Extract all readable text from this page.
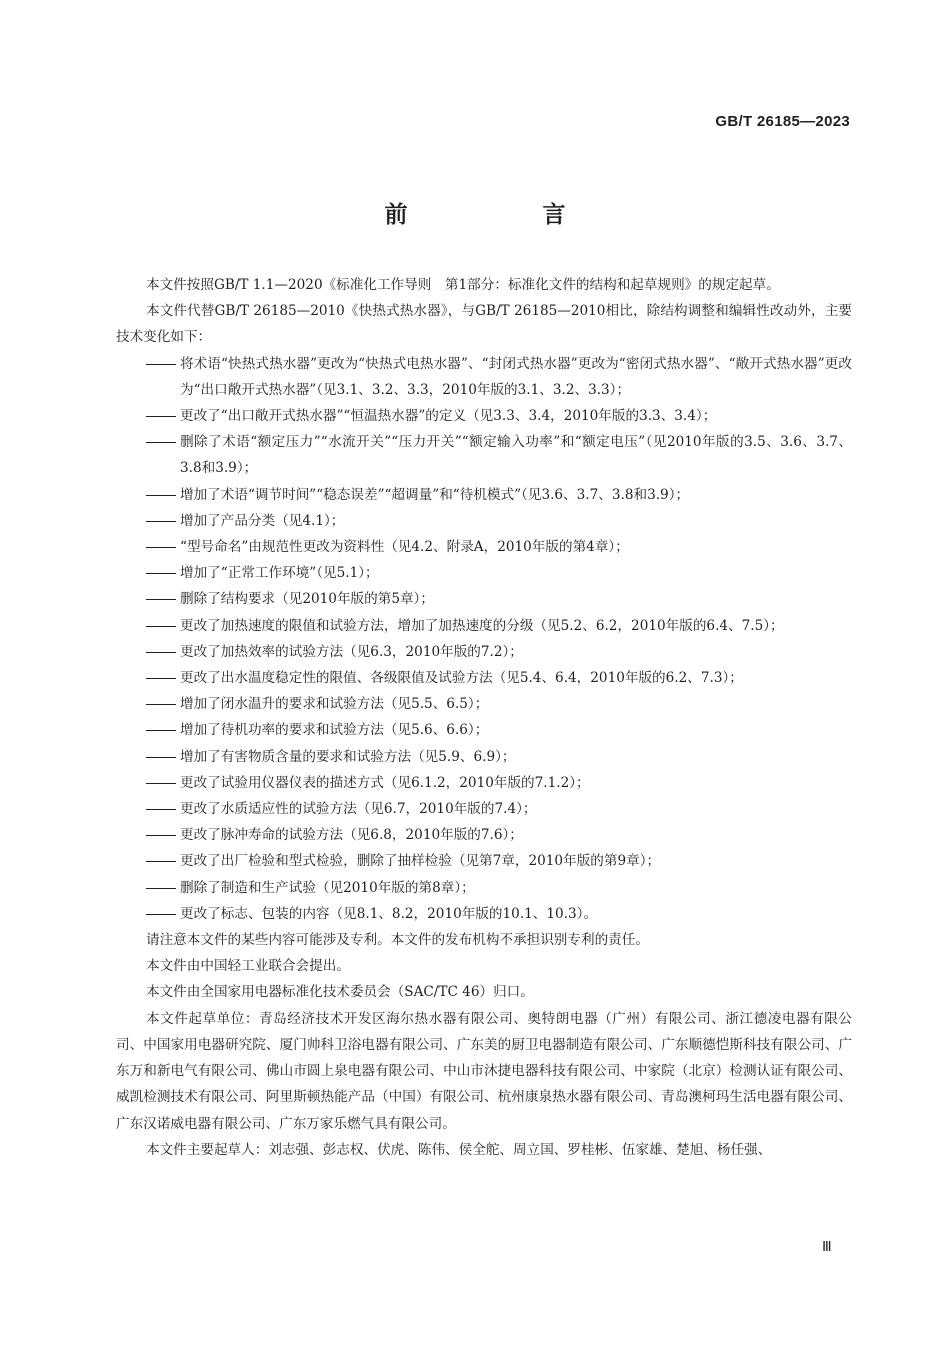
GB/T 26185—2023
前　言

本文件按照GB/T 1.1—2020《标准化工作导则　第1部分：标准化文件的结构和起草规则》的规定起草。

本文件代替GB/T 26185—2010《快热式热水器》，与GB/T 26185—2010相比，除结构调整和编辑性改动外，主要技术变化如下：

将术语“快热式热水器”更改为“快热式电热水器”、“封闭式热水器”更改为“密闭式热水器”、“敞开式热水器”更改为“出口敞开式热水器”（见3.1、3.2、3.3，2010年版的3.1、3.2、3.3）；
更改了“出口敞开式热水器”“恒温热水器”的定义（见3.3、3.4，2010年版的3.3、3.4）；
删除了术语“额定压力”“水流开关”“压力开关”“额定输入功率”和“额定电压”（见2010年版的3.5、3.6、3.7、3.8和3.9）；
增加了术语“调节时间”“稳态误差”“超调量”和“待机模式”（见3.6、3.7、3.8和3.9）；
增加了产品分类（见4.1）；
“型号命名”由规范性更改为资料性（见4.2、附录A，2010年版的第4章）；
增加了“正常工作环境”（见5.1）；
删除了结构要求（见2010年版的第5章）；
更改了加热速度的限值和试验方法，增加了加热速度的分级（见5.2、6.2，2010年版的6.4、7.5）；
更改了加热效率的试验方法（见6.3，2010年版的7.2）；
更改了出水温度稳定性的限值、各级限值及试验方法（见5.4、6.4，2010年版的6.2、7.3）；
增加了闭水温升的要求和试验方法（见5.5、6.5）；
增加了待机功率的要求和试验方法（见5.6、6.6）；
增加了有害物质含量的要求和试验方法（见5.9、6.9）；
更改了试验用仪器仪表的描述方式（见6.1.2，2010年版的7.1.2）；
更改了水质适应性的试验方法（见6.7，2010年版的7.4）；
更改了脉冲寿命的试验方法（见6.8，2010年版的7.6）；
更改了出厂检验和型式检验，删除了抽样检验（见第7章，2010年版的第9章）；
删除了制造和生产试验（见2010年版的第8章）；
更改了标志、包装的内容（见8.1、8.2，2010年版的10.1、10.3）。

请注意本文件的某些内容可能涉及专利。本文件的发布机构不承担识别专利的责任。

本文件由中国轻工业联合会提出。

本文件由全国家用电器标准化技术委员会（SAC/TC 46）归口。

本文件起草单位：青岛经济技术开发区海尔热水器有限公司、奥特朗电器（广州）有限公司、浙江德凌电器有限公司、中国家用电器研究院、厦门帅科卫浴电器有限公司、广东美的厨卫电器制造有限公司、广东顺德恺斯科技有限公司、广东万和新电气有限公司、佛山市圆上泉电器有限公司、中山市沐捷电器科技有限公司、中家院（北京）检测认证有限公司、威凯检测技术有限公司、阿里斯顿热能产品（中国）有限公司、杭州康泉热水器有限公司、青岛澳柯玛生活电器有限公司、广东汉诺威电器有限公司、广东万家乐燃气具有限公司。

本文件主要起草人：刘志强、彭志权、伏虎、陈伟、侯全舵、周立国、罗桂彬、伍家雄、楚旭、杨任强、

Ⅲ
